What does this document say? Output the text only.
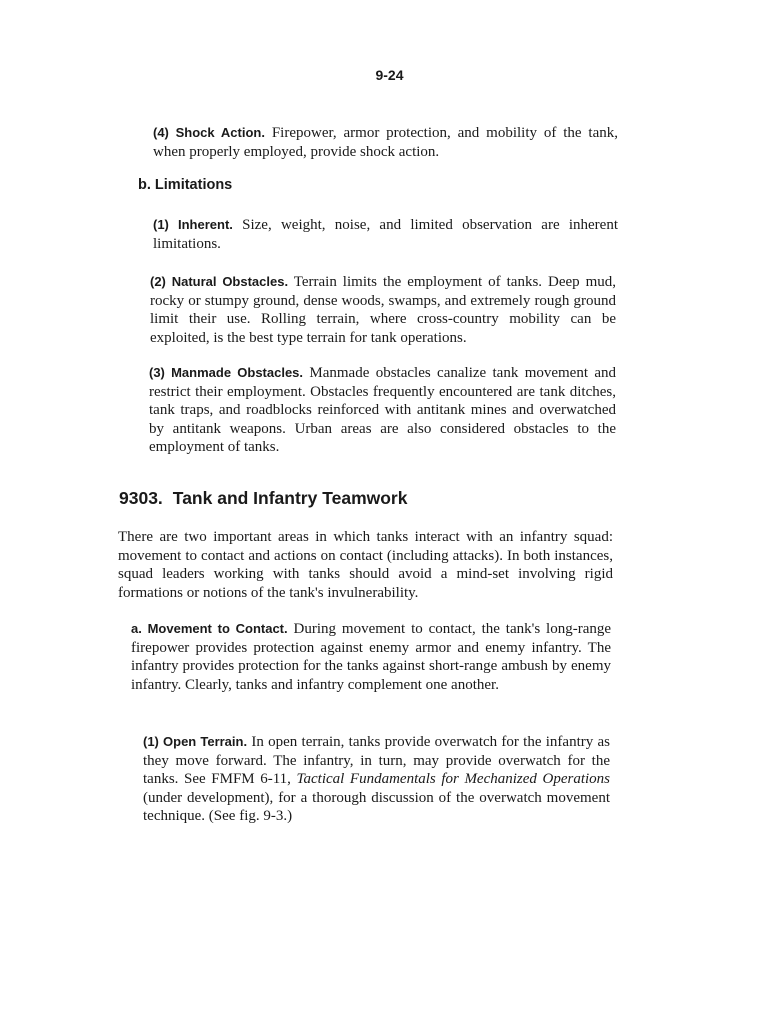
9-24

(4) Shock Action. Firepower, armor protection, and mobility of the tank, when properly employed, provide shock action.

b. Limitations

(1) Inherent. Size, weight, noise, and limited observation are inherent limitations.

(2) Natural Obstacles. Terrain limits the employment of tanks. Deep mud, rocky or stumpy ground, dense woods, swamps, and extremely rough ground limit their use. Rolling terrain, where cross-country mobility can be exploited, is the best type terrain for tank operations.

(3) Manmade Obstacles. Manmade obstacles canalize tank movement and restrict their employment. Obstacles frequently encountered are tank ditches, tank traps, and roadblocks reinforced with antitank mines and overwatched by antitank weapons. Urban areas are also considered obstacles to the employment of tanks.

9303. Tank and Infantry Teamwork

There are two important areas in which tanks interact with an infantry squad: movement to contact and actions on contact (including attacks). In both instances, squad leaders working with tanks should avoid a mind-set involving rigid formations or notions of the tank's invulnerability.

a. Movement to Contact. During movement to contact, the tank's long-range firepower provides protection against enemy armor and enemy infantry. The infantry provides protection for the tanks against short-range ambush by enemy infantry. Clearly, tanks and infantry complement one another.

(1) Open Terrain. In open terrain, tanks provide overwatch for the infantry as they move forward. The infantry, in turn, may provide overwatch for the tanks. See FMFM 6-11, Tactical Fundamentals for Mechanized Operations (under development), for a thorough discussion of the overwatch movement technique. (See fig. 9-3.)
